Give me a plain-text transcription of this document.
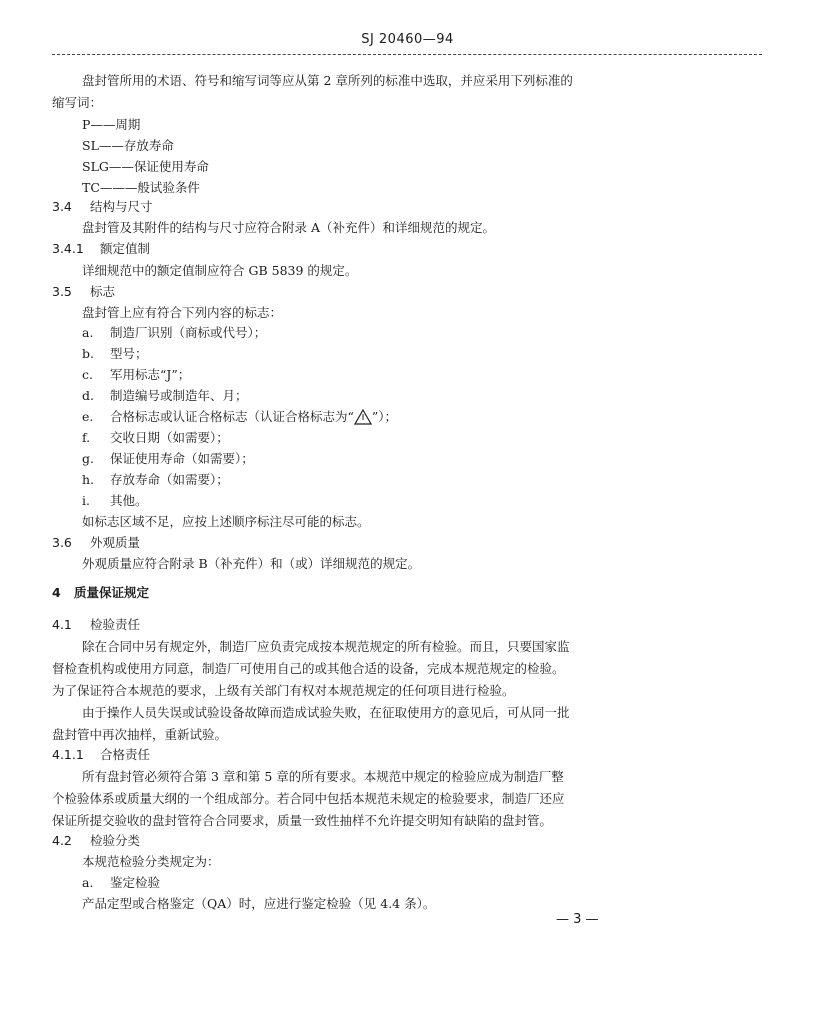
SJ 20460—94
盘封管所用的术语、符号和缩写词等应从第 2 章所列的标准中选取，并应采用下列标准的
缩写词：
P——周期
SL——存放寿命
SLG——保证使用寿命
TC———般试验条件
3.4 结构与尺寸
盘封管及其附件的结构与尺寸应符合附录 A（补充件）和详细规范的规定。
3.4.1 额定值制
详细规范中的额定值制应符合 GB 5839 的规定。
3.5 标志
盘封管上应有符合下列内容的标志：
a. 制造厂识别（商标或代号）；
b. 型号；
c. 军用标志“J”；
d. 制造编号或制造年、月；
e. 合格标志或认证合格标志（认证合格标志为“ ”）；
f. 交收日期（如需要）；
g. 保证使用寿命（如需要）；
h. 存放寿命（如需要）；
i. 其他。
如标志区域不足，应按上述顺序标注尽可能的标志。
3.6 外观质量
外观质量应符合附录 B（补充件）和（或）详细规范的规定。
4 质量保证规定
4.1 检验责任
除在合同中另有规定外，制造厂应负责完成按本规范规定的所有检验。而且，只要国家监
督检查机构或使用方同意，制造厂可使用自己的或其他合适的设备，完成本规范规定的检验。
为了保证符合本规范的要求，上级有关部门有权对本规范规定的任何项目进行检验。
由于操作人员失误或试验设备故障而造成试验失败，在征取使用方的意见后，可从同一批
盘封管中再次抽样，重新试验。
4.1.1 合格责任
所有盘封管必须符合第 3 章和第 5 章的所有要求。本规范中规定的检验应成为制造厂整
个检验体系或质量大纲的一个组成部分。若合同中包括本规范未规定的检验要求，制造厂还应
保证所提交验收的盘封管符合合同要求，质量一致性抽样不允许提交明知有缺陷的盘封管。
4.2 检验分类
本规范检验分类规定为：
a. 鉴定检验
产品定型或合格鉴定（QA）时，应进行鉴定检验（见 4.4 条）。
— 3 —
